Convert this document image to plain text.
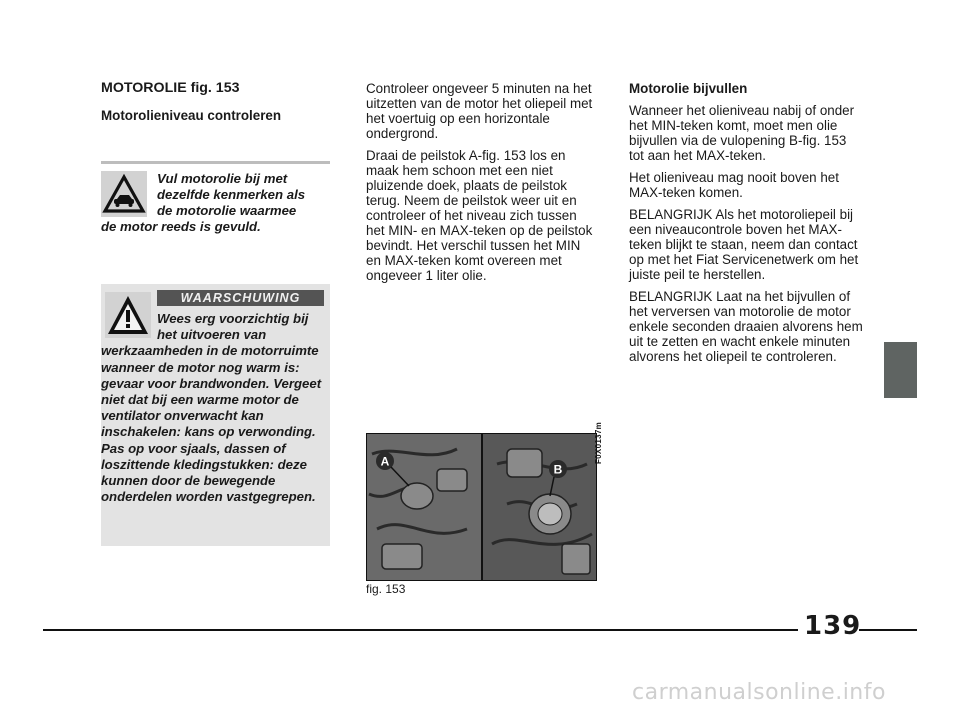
MOTOROLIE fig. 153

Motorolieniveau controleren

Vul motorolie bij met
dezelfde kenmerken als
de motorolie waarmee
de motor reeds is gevuld.
WAARSCHUWING
Wees erg voorzichtig bij
het uitvoeren van
werkzaamheden in de motorruimte wanneer de motor nog warm is: gevaar voor brandwonden. Vergeet niet dat bij een warme motor de ventilator onverwacht kan inschakelen: kans op verwonding. Pas op voor sjaals, dassen of loszittende kledingstukken: deze kunnen door de bewegende onderdelen worden vastgegrepen.

Controleer ongeveer 5 minuten na het uitzetten van de motor het oliepeil met het voertuig op een horizontale ondergrond.

Draai de peilstok A-fig. 153 los en maak hem schoon met een niet pluizende doek, plaats de peilstok terug. Neem de peilstok weer uit en controleer of het niveau zich tussen het MIN- en MAX-teken op de peilstok bevindt. Het verschil tussen het MIN en MAX-teken komt overeen met ongeveer 1 liter olie.

A
B
F0X0137m
fig. 153

Motorolie bijvullen

Wanneer het olieniveau nabij of onder het MIN-teken komt, moet men olie bijvullen via de vulopening B-fig. 153 tot aan het MAX-teken.

Het olieniveau mag nooit boven het MAX-teken komen.

BELANGRIJK Als het motoroliepeil bij een niveaucontrole boven het MAX-teken blijkt te staan, neem dan contact op met het Fiat Servicenetwerk om het juiste peil te herstellen.

BELANGRIJK Laat na het bijvullen of het verversen van motorolie de motor enkele seconden draaien alvorens hem uit te zetten en wacht enkele minuten alvorens het oliepeil te controleren.

139
carmanualsonline.info
